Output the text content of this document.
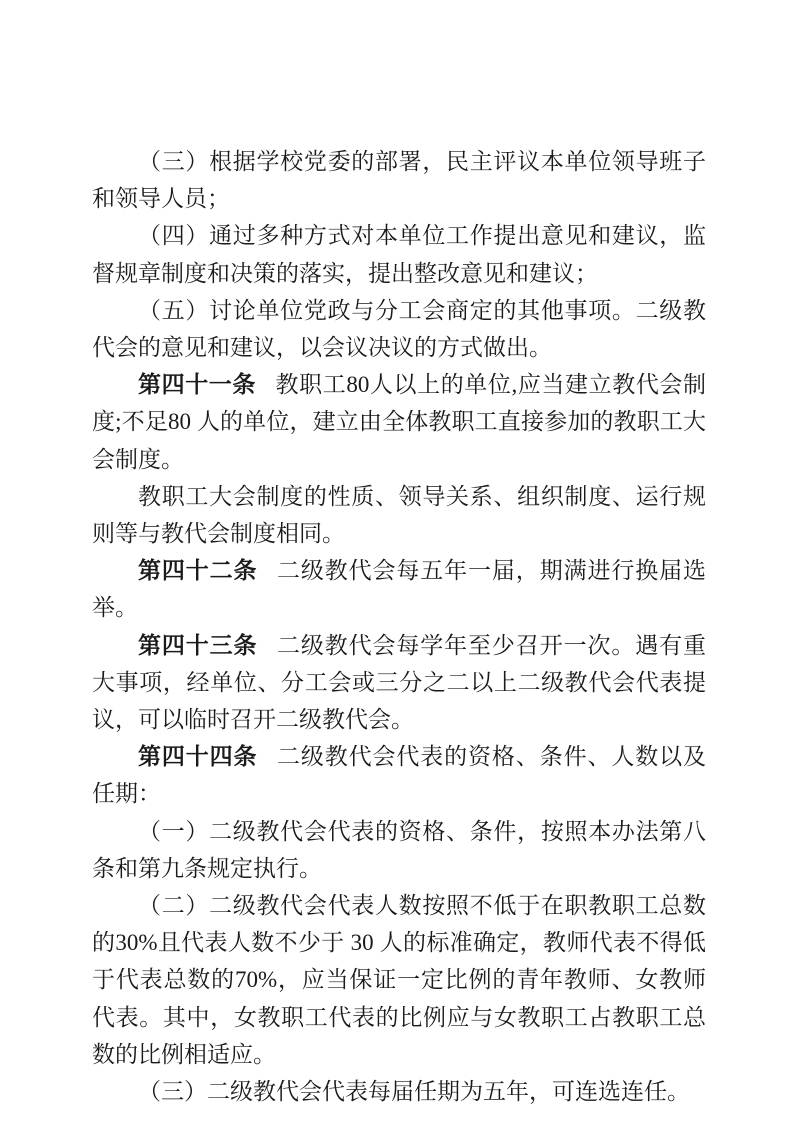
（三）根据学校党委的部署，民主评议本单位领导班子和领导人员；

（四）通过多种方式对本单位工作提出意见和建议，监督规章制度和决策的落实，提出整改意见和建议；

（五）讨论单位党政与分工会商定的其他事项。二级教代会的意见和建议，以会议决议的方式做出。

第四十一条 教职工80人以上的单位,应当建立教代会制度;不足80 人的单位，建立由全体教职工直接参加的教职工大会制度。

教职工大会制度的性质、领导关系、组织制度、运行规则等与教代会制度相同。

第四十二条 二级教代会每五年一届，期满进行换届选举。

第四十三条 二级教代会每学年至少召开一次。遇有重大事项，经单位、分工会或三分之二以上二级教代会代表提议，可以临时召开二级教代会。

第四十四条 二级教代会代表的资格、条件、人数以及任期：

（一）二级教代会代表的资格、条件，按照本办法第八条和第九条规定执行。

（二）二级教代会代表人数按照不低于在职教职工总数的30%且代表人数不少于 30 人的标准确定，教师代表不得低于代表总数的70%，应当保证一定比例的青年教师、女教师代表。其中，女教职工代表的比例应与女教职工占教职工总数的比例相适应。

（三）二级教代会代表每届任期为五年，可连选连任。
